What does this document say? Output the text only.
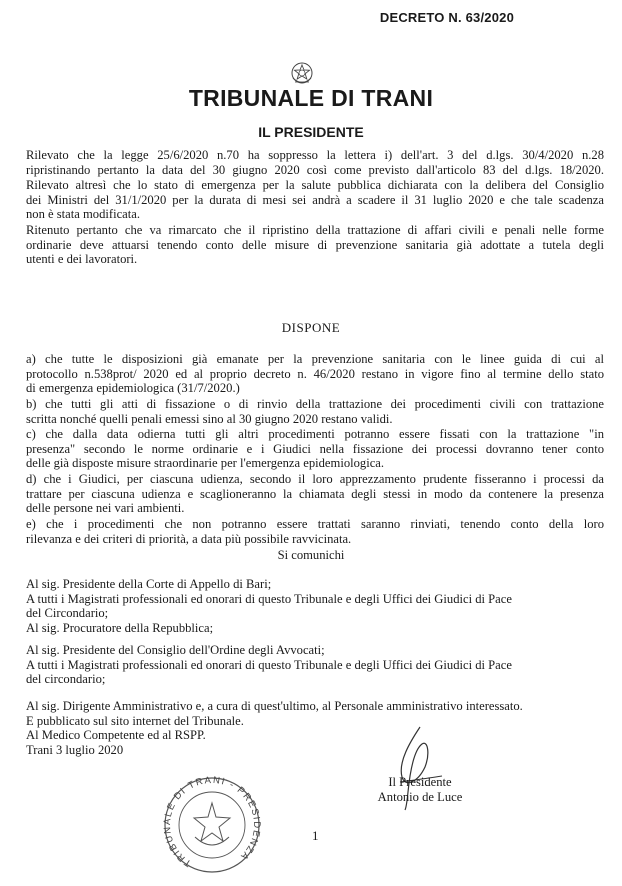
DECRETO N. 63/2020
TRIBUNALE DI TRANI
IL PRESIDENTE
Rilevato che la legge 25/6/2020 n.70 ha soppresso la lettera i) dell'art. 3 del d.lgs. 30/4/2020 n.28
ripristinando pertanto la data del 30 giugno 2020 così come previsto dall'articolo 83 del d.lgs. 18/2020.
Rilevato altresì che lo stato di emergenza per la salute pubblica dichiarata con la delibera del Consiglio
dei Ministri del 31/1/2020 per la durata di mesi sei andrà a scadere il 31 luglio 2020 e che tale scadenza
non è stata modificata.
Ritenuto pertanto che va rimarcato che il ripristino della trattazione di affari civili e penali nelle forme
ordinarie deve attuarsi tenendo conto delle misure di prevenzione sanitaria già adottate a tutela degli
utenti e dei lavoratori.
DISPONE
a) che tutte le disposizioni già emanate per la prevenzione sanitaria con le linee guida di cui al
protocollo n.538prot/ 2020 ed al proprio decreto n. 46/2020 restano in vigore fino al termine dello stato
di emergenza epidemiologica (31/7/2020.)
b) che tutti gli atti di fissazione o di rinvio della trattazione dei procedimenti civili con trattazione
scritta nonché quelli penali emessi sino al 30 giugno 2020 restano validi.
c) che dalla data odierna tutti gli altri procedimenti potranno essere fissati con la trattazione "in
presenza" secondo le norme ordinarie e i Giudici nella fissazione dei processi dovranno tener conto
delle già disposte misure straordinarie per l'emergenza epidemiologica.
d) che i Giudici, per ciascuna udienza, secondo il loro apprezzamento prudente fisseranno i processi da
trattare per ciascuna udienza e scaglioneranno la chiamata degli stessi in modo da contenere la presenza
delle persone nei vari ambienti.
e) che i procedimenti che non potranno essere trattati saranno rinviati, tenendo conto della loro
rilevanza e dei criteri di priorità, a data più possibile ravvicinata.
Si comunichi
Al sig. Presidente della Corte di Appello di Bari;
A tutti i Magistrati professionali ed onorari di questo Tribunale e degli Uffici dei Giudici di Pace
del Circondario;
Al sig. Procuratore della Repubblica;
Al sig. Presidente del Consiglio dell'Ordine degli Avvocati;
A tutti i Magistrati professionali ed onorari di questo Tribunale e degli Uffici dei Giudici di Pace
del circondario;
Al sig. Dirigente Amministrativo e, a cura di quest'ultimo, al Personale amministrativo interessato.
E pubblicato sul sito internet del Tribunale.
Al Medico Competente ed al RSPP.
Trani 3 luglio 2020
Il Presidente
Antonio de Luce
TRIBUNALE DI TRANI - PRESIDENZA
1
